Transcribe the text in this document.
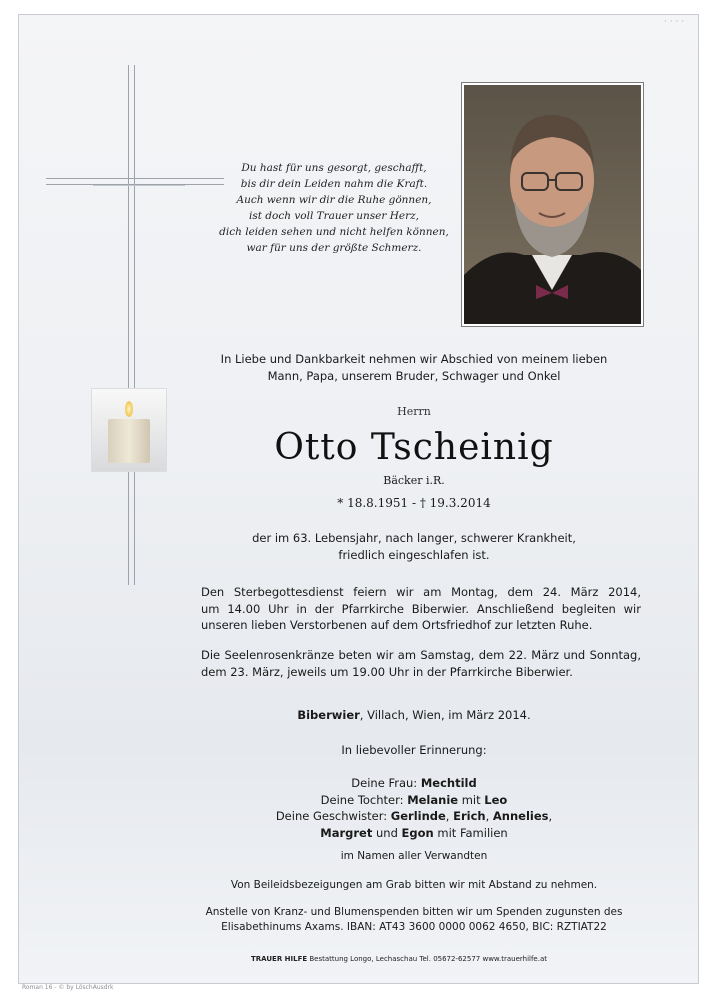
· · · ·
Du hast für uns gesorgt, geschafft,
bis dir dein Leiden nahm die Kraft.
Auch wenn wir dir die Ruhe gönnen,
ist doch voll Trauer unser Herz,
dich leiden sehen und nicht helfen können,
war für uns der größte Schmerz.
In Liebe und Dankbarkeit nehmen wir Abschied von meinem lieben
Mann, Papa, unserem Bruder, Schwager und Onkel
Herrn
Otto Tscheinig
Bäcker i.R.
* 18.8.1951 - † 19.3.2014
der im 63. Lebensjahr, nach langer, schwerer Krankheit,
friedlich eingeschlafen ist.
Den Sterbegottesdienst feiern wir am Montag, dem 24. März 2014,
um 14.00 Uhr in der Pfarrkirche Biberwier. Anschließend begleiten wir
unseren lieben Verstorbenen auf dem Ortsfriedhof zur letzten Ruhe.
Die Seelenrosenkränze beten wir am Samstag, dem 22. März und Sonntag,
dem 23. März, jeweils um 19.00 Uhr in der Pfarrkirche Biberwier.
Biberwier, Villach, Wien, im März 2014.
In liebevoller Erinnerung:
Deine Frau: Mechtild
Deine Tochter: Melanie mit Leo
Deine Geschwister: Gerlinde, Erich, Annelies,
Margret und Egon mit Familien
im Namen aller Verwandten
Von Beileidsbezeigungen am Grab bitten wir mit Abstand zu nehmen.
Anstelle von Kranz- und Blumenspenden bitten wir um Spenden zugunsten des
Elisabethinums Axams. IBAN: AT43 3600 0000 0062 4650, BIC: RZTIAT22
TRAUER HILFE Bestattung Longo, Lechaschau Tel. 05672-62577 www.trauerhilfe.at
Roman 16 - © by LöschAusdrk
